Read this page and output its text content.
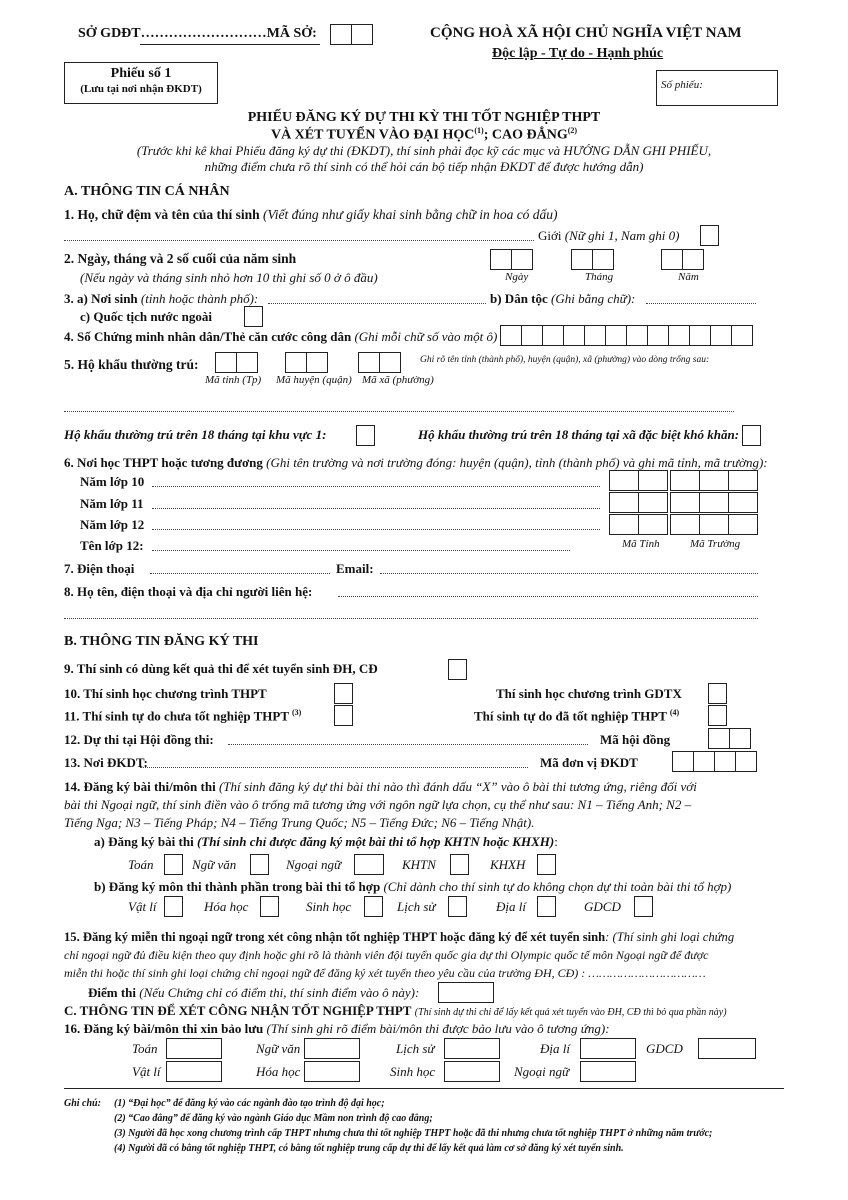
SỞ GDĐT………………………MÃ SỞ:	CỘNG HOÀ XÃ HỘI CHỦ NGHĨA VIỆT NAM
Độc lập - Tự do - Hạnh phúc
Phiếu số 1
(Lưu tại nơi nhận ĐKDT)	Số phiếu:
PHIẾU ĐĂNG KÝ DỰ THI KỲ THI TỐT NGHIỆP THPT
VÀ XÉT TUYỂN VÀO ĐẠI HỌC$^{(1)}$; CAO ĐẲNG$^{(2)}$
(Trước khi kê khai Phiếu đăng ký dự thi (ĐKDT), thí sinh phải đọc kỹ các mục và HƯỚNG DẪN GHI PHIẾU,
những điểm chưa rõ thí sinh có thể hỏi cán bộ tiếp nhận ĐKDT để được hướng dẫn)
A. THÔNG TIN CÁ NHÂN
1. Họ, chữ đệm và tên của thí sinh (Viết đúng như giấy khai sinh bằng chữ in hoa có dấu)
Giới (Nữ ghi 1, Nam ghi 0)
2. Ngày, tháng và 2 số cuối của năm sinh
(Nếu ngày và tháng sinh nhỏ hơn 10 thì ghi số 0 ở ô đầu)	Ngày	Tháng	Năm
3. a) Nơi sinh (tỉnh hoặc thành phố):	b) Dân tộc (Ghi bằng chữ):
c) Quốc tịch nước ngoài
4. Số Chứng minh nhân dân/Thẻ căn cước công dân (Ghi mỗi chữ số vào một ô)
5. Hộ khẩu thường trú:	Ghi rõ tên tỉnh (thành phố), huyện (quận), xã (phường) vào dòng trống sau:
Mã tỉnh (Tp) Mã huyện (quận) Mã xã (phường)
Hộ khẩu thường trú trên 18 tháng tại khu vực 1:	Hộ khẩu thường trú trên 18 tháng tại xã đặc biệt khó khăn:
6. Nơi học THPT hoặc tương đương (Ghi tên trường và nơi trường đóng: huyện (quận), tỉnh (thành phố) và ghi mã tỉnh, mã trường):
Năm lớp 10
Năm lớp 11
Năm lớp 12
Tên lớp 12:	Mã Tỉnh	Mã Trường
7. Điện thoại	Email:
8. Họ tên, điện thoại và địa chỉ người liên hệ:
B. THÔNG TIN ĐĂNG KÝ THI
9. Thí sinh có dùng kết quả thi để xét tuyển sinh ĐH, CĐ
10. Thí sinh học chương trình THPT	Thí sinh học chương trình GDTX
11. Thí sinh tự do chưa tốt nghiệp THPT $^{(3)}$	Thí sinh tự do đã tốt nghiệp THPT $^{(4)}$
12. Dự thi tại Hội đồng thi:	Mã hội đồng
13. Nơi ĐKDT:	Mã đơn vị ĐKDT
14. Đăng ký bài thi/môn thi (Thí sinh đăng ký dự thi bài thi nào thì đánh dấu “X” vào ô bài thi tương ứng, riêng đối với
bài thi Ngoại ngữ, thí sinh điền vào ô trống mã tương ứng với ngôn ngữ lựa chọn, cụ thể như sau: N1 – Tiếng Anh; N2 –
Tiếng Nga; N3 – Tiếng Pháp; N4 – Tiếng Trung Quốc; N5 – Tiếng Đức; N6 – Tiếng Nhật).
a) Đăng ký bài thi (Thí sinh chỉ được đăng ký một bài thi tổ hợp KHTN hoặc KHXH):
Toán	Ngữ văn	Ngoại ngữ	KHTN	KHXH
b) Đăng ký môn thi thành phần trong bài thi tổ hợp (Chỉ dành cho thí sinh tự do không chọn dự thi toàn bài thi tổ hợp)
Vật lí	Hóa học	Sinh học	Lịch sử	Địa lí	GDCD
15. Đăng ký miễn thi ngoại ngữ trong xét công nhận tốt nghiệp THPT hoặc đăng ký để xét tuyển sinh: (Thí sinh ghi loại chứng
chỉ ngoại ngữ đủ điều kiện theo quy định hoặc ghi rõ là thành viên đội tuyển quốc gia dự thi Olympic quốc tế môn Ngoại ngữ để được
miễn thi hoặc thí sinh ghi loại chứng chỉ ngoại ngữ để đăng ký xét tuyển theo yêu cầu của trường ĐH, CĐ) : ……………………………
Điểm thi (Nếu Chứng chỉ có điểm thi, thí sinh điểm vào ô này):
C. THÔNG TIN ĐỂ XÉT CÔNG NHẬN TỐT NGHIỆP THPT (Thí sinh dự thi chỉ để lấy kết quả xét tuyển vào ĐH, CĐ thì bỏ qua phần này)
16. Đăng ký bài/môn thi xin bảo lưu (Thí sinh ghi rõ điểm bài/môn thi được bảo lưu vào ô tương ứng):
Toán	Ngữ văn	Lịch sử	Địa lí	GDCD
Vật lí	Hóa học	Sinh học	Ngoại ngữ
Ghi chú: (1) “Đại học” để đăng ký vào các ngành đào tạo trình độ đại học;
(2) “Cao đẳng” để đăng ký vào ngành Giáo dục Mầm non trình độ cao đẳng;
(3) Người đã học xong chương trình cấp THPT nhưng chưa thi tốt nghiệp THPT hoặc đã thi nhưng chưa tốt nghiệp THPT ở những năm trước;
(4) Người đã có bằng tốt nghiệp THPT, có bằng tốt nghiệp trung cấp dự thi để lấy kết quả làm cơ sở đăng ký xét tuyển sinh.
